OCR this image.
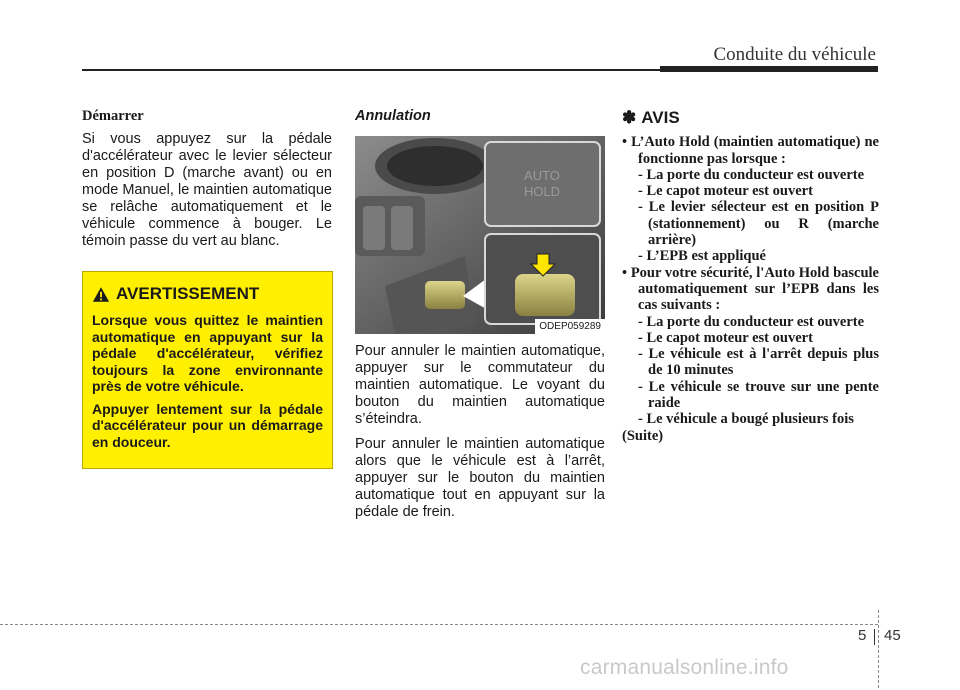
Conduite du véhicule
Démarrer

Si vous appuyez sur la pédale d'accélérateur avec le levier sélecteur en position D (marche avant) ou en mode Manuel, le maintien automatique se relâche automatiquement et le véhicule commence à bouger. Le témoin passe du vert au blanc.

AVERTISSEMENT

Lorsque vous quittez le maintien automatique en appuyant sur la pédale d'accélérateur, vérifiez toujours la zone environnante près de votre véhicule.

Appuyer lentement sur la pédale d'accélérateur pour un démarrage en douceur.

Annulation
AUTO
HOLD
ODEP059289

Pour annuler le maintien automatique, appuyer sur le commutateur du maintien automatique. Le voyant du bouton du maintien automatique s’éteindra.

Pour annuler le maintien automatique alors que le véhicule est à l’arrêt, appuyer sur le bouton du maintien automatique tout en appuyant sur la pédale de frein.

✽ AVIS
• L’Auto Hold (maintien automatique) ne fonctionne pas lorsque :
- La porte du conducteur est ouverte
- Le capot moteur est ouvert
- Le levier sélecteur est en position P (stationnement) ou R (marche arrière)
- L’EPB est appliqué
• Pour votre sécurité, l'Auto Hold bascule automatiquement sur l’EPB dans les cas suivants :
- La porte du conducteur est ouverte
- Le capot moteur est ouvert
- Le véhicule est à l'arrêt depuis plus de 10 minutes
- Le véhicule se trouve sur une pente raide
- Le véhicule a bougé plusieurs fois
(Suite)
5 45
carmanualsonline.info
